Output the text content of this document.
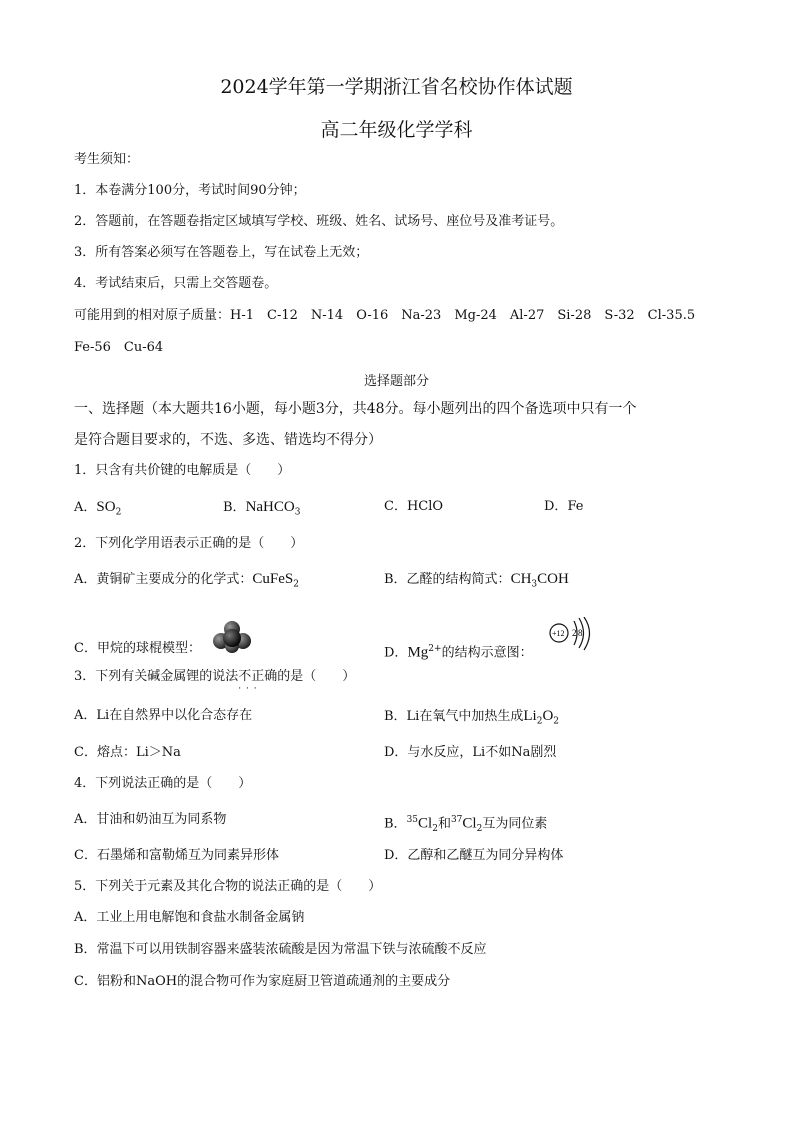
2024学年第一学期浙江省名校协作体试题
高二年级化学学科
考生须知：
1．本卷满分100分，考试时间90分钟；
2．答题前，在答题卷指定区域填写学校、班级、姓名、试场号、座位号及准考证号。
3．所有答案必须写在答题卷上，写在试卷上无效；
4．考试结束后，只需上交答题卷。
可能用到的相对原子质量：H-1　C-12　N-14　O-16　Na-23　Mg-24　Al-27　Si-28　S-32　Cl-35.5
Fe-56　Cu-64
选择题部分
一、选择题（本大题共16小题，每小题3分，共48分。每小题列出的四个备选项中只有一个
是符合题目要求的，不选、多选、错选均不得分）
1．只含有共价键的电解质是（　　）
A．$SO_2$	B．NaHCO$_3$	C．HClO	D．Fe
2．下列化学用语表示正确的是（　　）
A．黄铜矿主要成分的化学式：CuFeS$_2$	B．乙醛的结构简式：$CH_3COH$
C．甲烷的球棍模型：	D．$Mg^{2+}$的结构示意图：
+12 2 8
3．下列有关碱金属锂的说法不正确 · · ·的是（　　）
A．Li在自然界中以化合态存在	B．Li在氧气中加热生成$Li_2O_2$
C．熔点：Li＞Na	D．与水反应，Li不如Na剧烈
4．下列说法正确的是（　　）
A．甘油和奶油互为同系物	B．$^{35}Cl_2$和$^{37}Cl_2$互为同位素
C．石墨烯和富勒烯互为同素异形体	D．乙醇和乙醚互为同分异构体
5．下列关于元素及其化合物的说法正确的是（　　）
A．工业上用电解饱和食盐水制备金属钠
B．常温下可以用铁制容器来盛装浓硫酸是因为常温下铁与浓硫酸不反应
C．铝粉和NaOH的混合物可作为家庭厨卫管道疏通剂的主要成分
